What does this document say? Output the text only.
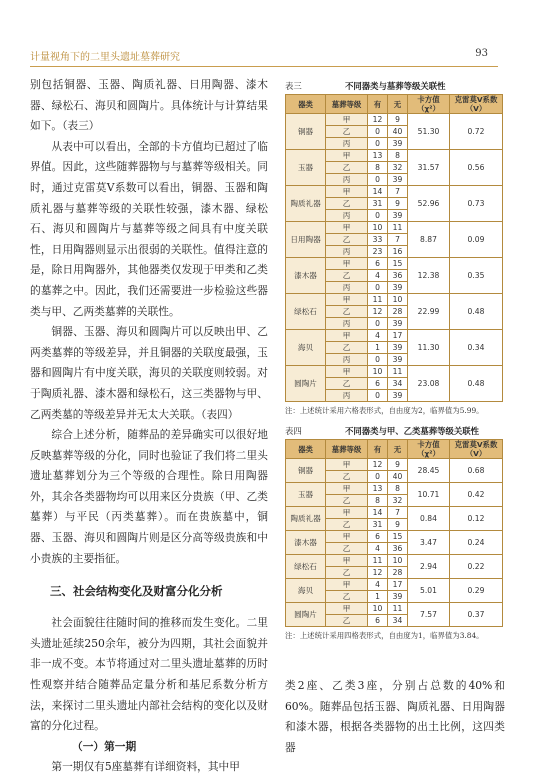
计量视角下的二里头遗址墓葬研究	93

别包括铜器、玉器、陶质礼器、日用陶器、漆木器、绿松石、海贝和圆陶片。具体统计与计算结果如下。（表三）

从表中可以看出，全部的卡方值均已超过了临界值。因此，这些随葬器物与与墓葬等级相关。同时，通过克雷莫V系数可以看出，铜器、玉器和陶质礼器与墓葬等级的关联性较强，漆木器、绿松石、海贝和圆陶片与墓葬等级之间具有中度关联性，日用陶器则显示出很弱的关联性。值得注意的是，除日用陶器外，其他器类仅发现于甲类和乙类的墓葬之中。因此，我们还需要进一步检验这些器类与甲、乙两类墓葬的关联性。

铜器、玉器、海贝和圆陶片可以反映出甲、乙两类墓葬的等级差异，并且铜器的关联度最强，玉器和圆陶片有中度关联，海贝的关联度则较弱。对于陶质礼器、漆木器和绿松石，这三类器物与甲、乙两类墓的等级差异并无太大关联。（表四）

综合上述分析，随葬品的差异确实可以很好地反映墓葬等级的分化，同时也验证了我们将二里头遗址墓葬划分为三个等级的合理性。除日用陶器外，其余各类器物均可以用来区分贵族（甲、乙类墓葬）与平民（丙类墓葬）。而在贵族墓中，铜器、玉器、海贝和圆陶片则是区分高等级贵族和中小贵族的主要指征。

三、社会结构变化及财富分化分析

社会面貌往往随时间的推移而发生变化。二里头遗址延续250余年，被分为四期，其社会面貌并非一成不变。本节将通过对二里头遗址墓葬的历时性观察并结合随葬品定量分析和基尼系数分析方法，来探讨二里头遗址内部社会结构的变化以及财富的分化过程。

（一）第一期

第一期仅有5座墓葬有详细资料，其中甲

表三	不同器类与墓葬等级关联性
器类	墓葬等级	有	无	卡方值（χ²）	克雷莫V系数（V）
铜器	甲	12	9	51.30	0.72
	乙	0	40		
	丙	0	39		
玉器	甲	13	8	31.57	0.56
	乙	8	32		
	丙	0	39		
陶质礼器	甲	14	7	52.96	0.73
	乙	31	9		
	丙	0	39		
日用陶器	甲	10	11	8.87	0.09
	乙	33	7		
	丙	23	16		
漆木器	甲	6	15	12.38	0.35
	乙	4	36		
	丙	0	39		
绿松石	甲	11	10	22.99	0.48
	乙	12	28		
	丙	0	39		
海贝	甲	4	17	11.30	0.34
	乙	1	39		
	丙	0	39		
圆陶片	甲	10	11	23.08	0.48
	乙	6	34		
	丙	0	39		
注：上述统计采用六格表形式，自由度为2，临界值为5.99。
表四	不同器类与甲、乙类墓葬等级关联性
器类	墓葬等级	有	无	卡方值（χ²）	克雷莫V系数（V）
铜器	甲	12	9	28.45	0.68
	乙	0	40		
玉器	甲	13	8	10.71	0.42
	乙	8	32		
陶质礼器	甲	14	7	0.84	0.12
	乙	31	9		
漆木器	甲	6	15	3.47	0.24
	乙	4	36		
绿松石	甲	11	10	2.94	0.22
	乙	12	28		
海贝	甲	4	17	5.01	0.29
	乙	1	39		
圆陶片	甲	10	11	7.57	0.37
	乙	6	34		
注：上述统计采用四格表形式，自由度为1，临界值为3.84。

类2座、乙类3座，分别占总数的40%和60%。随葬品包括玉器、陶质礼器、日用陶器和漆木器，根据各类器物的出土比例，这四类器
